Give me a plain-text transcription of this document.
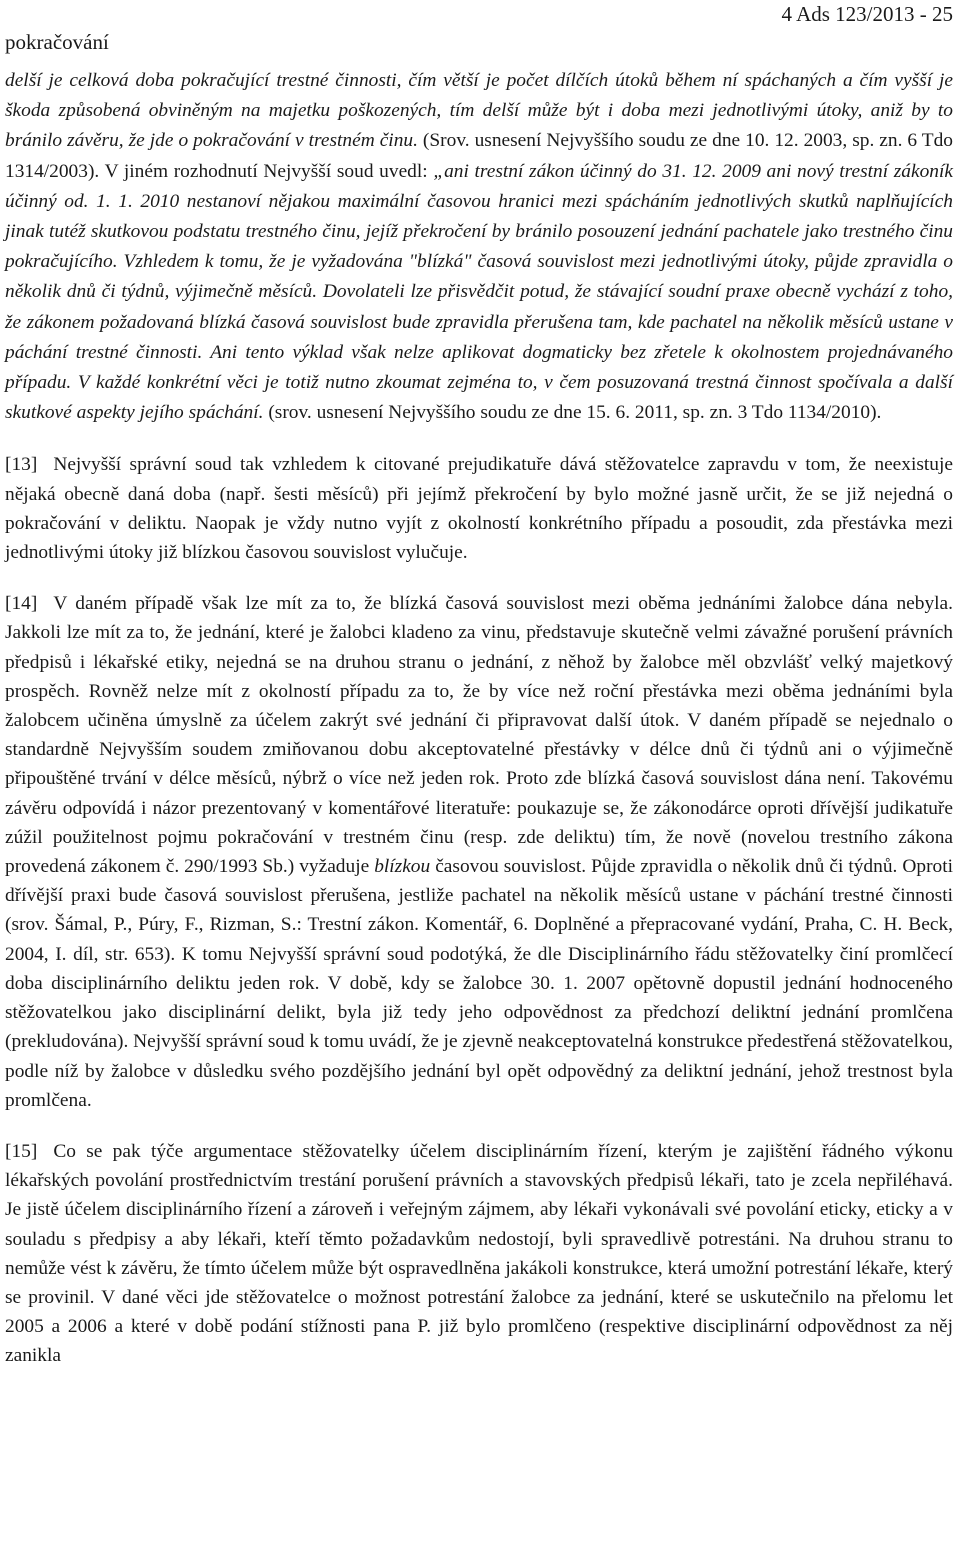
pokračování
4 Ads 123/2013 - 25

delší je celková doba pokračující trestné činnosti, čím větší je počet dílčích útoků během ní spáchaných a čím vyšší je škoda způsobená obviněným na majetku poškozených, tím delší může být i doba mezi jednotlivými útoky, aniž by to bránilo závěru, že jde o pokračování v trestném činu. (Srov. usnesení Nejvyššího soudu ze dne 10. 12. 2003, sp. zn. 6 Tdo 1314/2003). V jiném rozhodnutí Nejvyšší soud uvedl: „ani trestní zákon účinný do 31. 12. 2009 ani nový trestní zákoník účinný od. 1. 1. 2010 nestanoví nějakou maximální časovou hranici mezi spácháním jednotlivých skutků naplňujících jinak tutéž skutkovou podstatu trestného činu, jejíž překročení by bránilo posouzení jednání pachatele jako trestného činu pokračujícího. Vzhledem k tomu, že je vyžadována "blízká" časová souvislost mezi jednotlivými útoky, půjde zpravidla o několik dnů či týdnů, výjimečně měsíců. Dovolateli lze přisvědčit potud, že stávající soudní praxe obecně vychází z toho, že zákonem požadovaná blízká časová souvislost bude zpravidla přerušena tam, kde pachatel na několik měsíců ustane v páchání trestné činnosti. Ani tento výklad však nelze aplikovat dogmaticky bez zřetele k okolnostem projednávaného případu. V každé konkrétní věci je totiž nutno zkoumat zejména to, v čem posuzovaná trestná činnost spočívala a další skutkové aspekty jejího spáchání. (srov. usnesení Nejvyššího soudu ze dne 15. 6. 2011, sp. zn. 3 Tdo 1134/2010).

[13] Nejvyšší správní soud tak vzhledem k citované prejudikatuře dává stěžovatelce zapravdu v tom, že neexistuje nějaká obecně daná doba (např. šesti měsíců) při jejímž překročení by bylo možné jasně určit, že se již nejedná o pokračování v deliktu. Naopak je vždy nutno vyjít z okolností konkrétního případu a posoudit, zda přestávka mezi jednotlivými útoky již blízkou časovou souvislost vylučuje.

[14] V daném případě však lze mít za to, že blízká časová souvislost mezi oběma jednáními žalobce dána nebyla. Jakkoli lze mít za to, že jednání, které je žalobci kladeno za vinu, představuje skutečně velmi závažné porušení právních předpisů i lékařské etiky, nejedná se na druhou stranu o jednání, z něhož by žalobce měl obzvlášť velký majetkový prospěch. Rovněž nelze mít z okolností případu za to, že by více než roční přestávka mezi oběma jednáními byla žalobcem učiněna úmyslně za účelem zakrýt své jednání či připravovat další útok. V daném případě se nejednalo o standardně Nejvyšším soudem zmiňovanou dobu akceptovatelné přestávky v délce dnů či týdnů ani o výjimečně připouštěné trvání v délce měsíců, nýbrž o více než jeden rok. Proto zde blízká časová souvislost dána není. Takovému závěru odpovídá i názor prezentovaný v komentářové literatuře: poukazuje se, že zákonodárce oproti dřívější judikatuře zúžil použitelnost pojmu pokračování v trestném činu (resp. zde deliktu) tím, že nově (novelou trestního zákona provedená zákonem č. 290/1993 Sb.) vyžaduje blízkou časovou souvislost. Půjde zpravidla o několik dnů či týdnů. Oproti dřívější praxi bude časová souvislost přerušena, jestliže pachatel na několik měsíců ustane v páchání trestné činnosti (srov. Šámal, P., Púry, F., Rizman, S.: Trestní zákon. Komentář, 6. Doplněné a přepracované vydání, Praha, C. H. Beck, 2004, I. díl, str. 653). K tomu Nejvyšší správní soud podotýká, že dle Disciplinárního řádu stěžovatelky činí promlčecí doba disciplinárního deliktu jeden rok. V době, kdy se žalobce 30. 1. 2007 opětovně dopustil jednání hodnoceného stěžovatelkou jako disciplinární delikt, byla již tedy jeho odpovědnost za předchozí deliktní jednání promlčena (prekludována). Nejvyšší správní soud k tomu uvádí, že je zjevně neakceptovatelná konstrukce předestřená stěžovatelkou, podle níž by žalobce v důsledku svého pozdějšího jednání byl opět odpovědný za deliktní jednání, jehož trestnost byla promlčena.

[15] Co se pak týče argumentace stěžovatelky účelem disciplinárním řízení, kterým je zajištění řádného výkonu lékařských povolání prostřednictvím trestání porušení právních a stavovských předpisů lékaři, tato je zcela nepřiléhavá. Je jistě účelem disciplinárního řízení a zároveň i veřejným zájmem, aby lékaři vykonávali své povolání eticky, eticky a v souladu s předpisy a aby lékaři, kteří těmto požadavkům nedostojí, byli spravedlivě potrestáni. Na druhou stranu to nemůže vést k závěru, že tímto účelem může být ospravedlněna jakákoli konstrukce, která umožní potrestání lékaře, který se provinil. V dané věci jde stěžovatelce o možnost potrestání žalobce za jednání, které se uskutečnilo na přelomu let 2005 a 2006 a které v době podání stížnosti pana P. již bylo promlčeno (respektive disciplinární odpovědnost za něj zanikla
